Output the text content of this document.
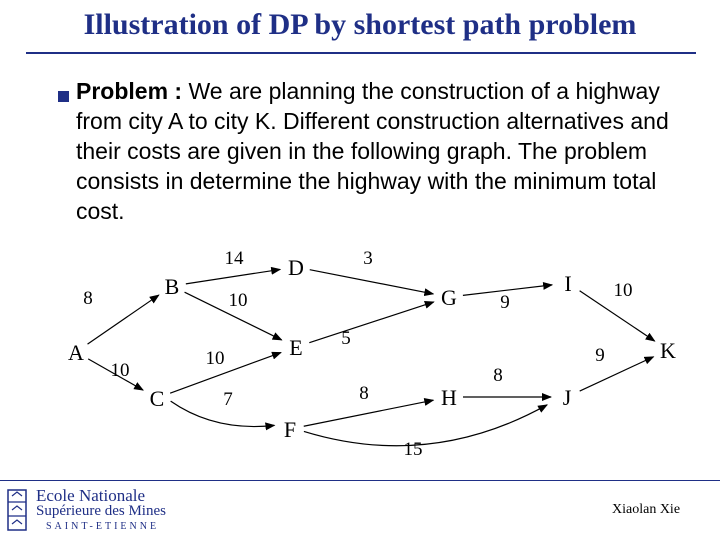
Illustration of DP by shortest path problem
Problem : We are planning the construction of a highway from city A to city K. Different construction alternatives and their costs are given in the following graph. The problem consists in determine the highway with the minimum total cost.
A
B
C
D
E
F
G
H
I
J
K
8
10
14
10
10
7
3
5
8
15
9
8
10
9
Ecole Nationale
Supérieure des Mines
SAINT-ETIENNE
Xiaolan Xie
